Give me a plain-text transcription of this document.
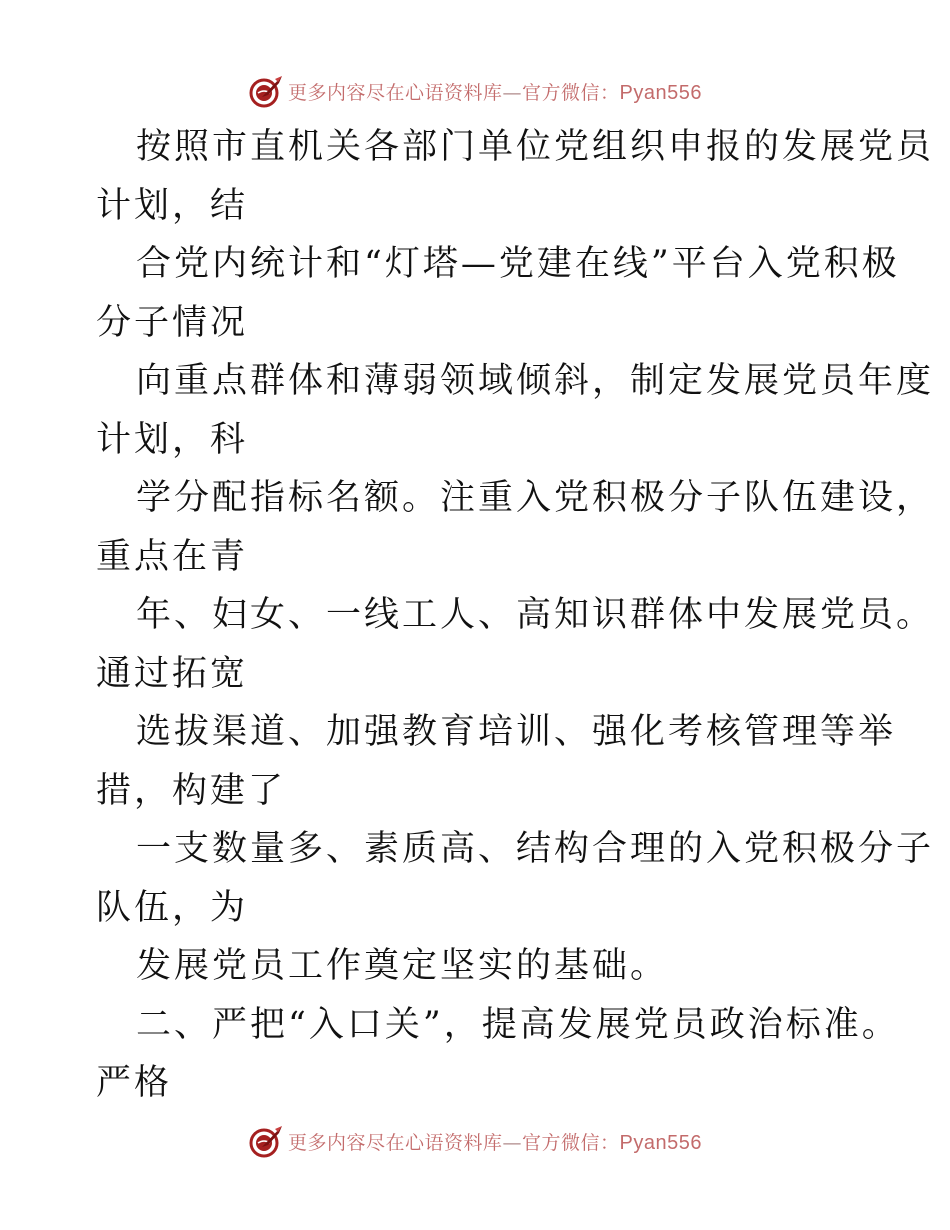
更多内容尽在心语资料库—官方微信：Pyan556
按照市直机关各部门单位党组织申报的发展党员
计划，结
合党内统计和“灯塔—党建在线”平台入党积极
分子情况
向重点群体和薄弱领域倾斜，制定发展党员年度
计划，科
学分配指标名额。注重入党积极分子队伍建设，
重点在青
年、妇女、一线工人、高知识群体中发展党员。
通过拓宽
选拔渠道、加强教育培训、强化考核管理等举
措，构建了
一支数量多、素质高、结构合理的入党积极分子
队伍，为
发展党员工作奠定坚实的基础。
二、严把“入口关”，提高发展党员政治标准。
严格
更多内容尽在心语资料库—官方微信：Pyan556
